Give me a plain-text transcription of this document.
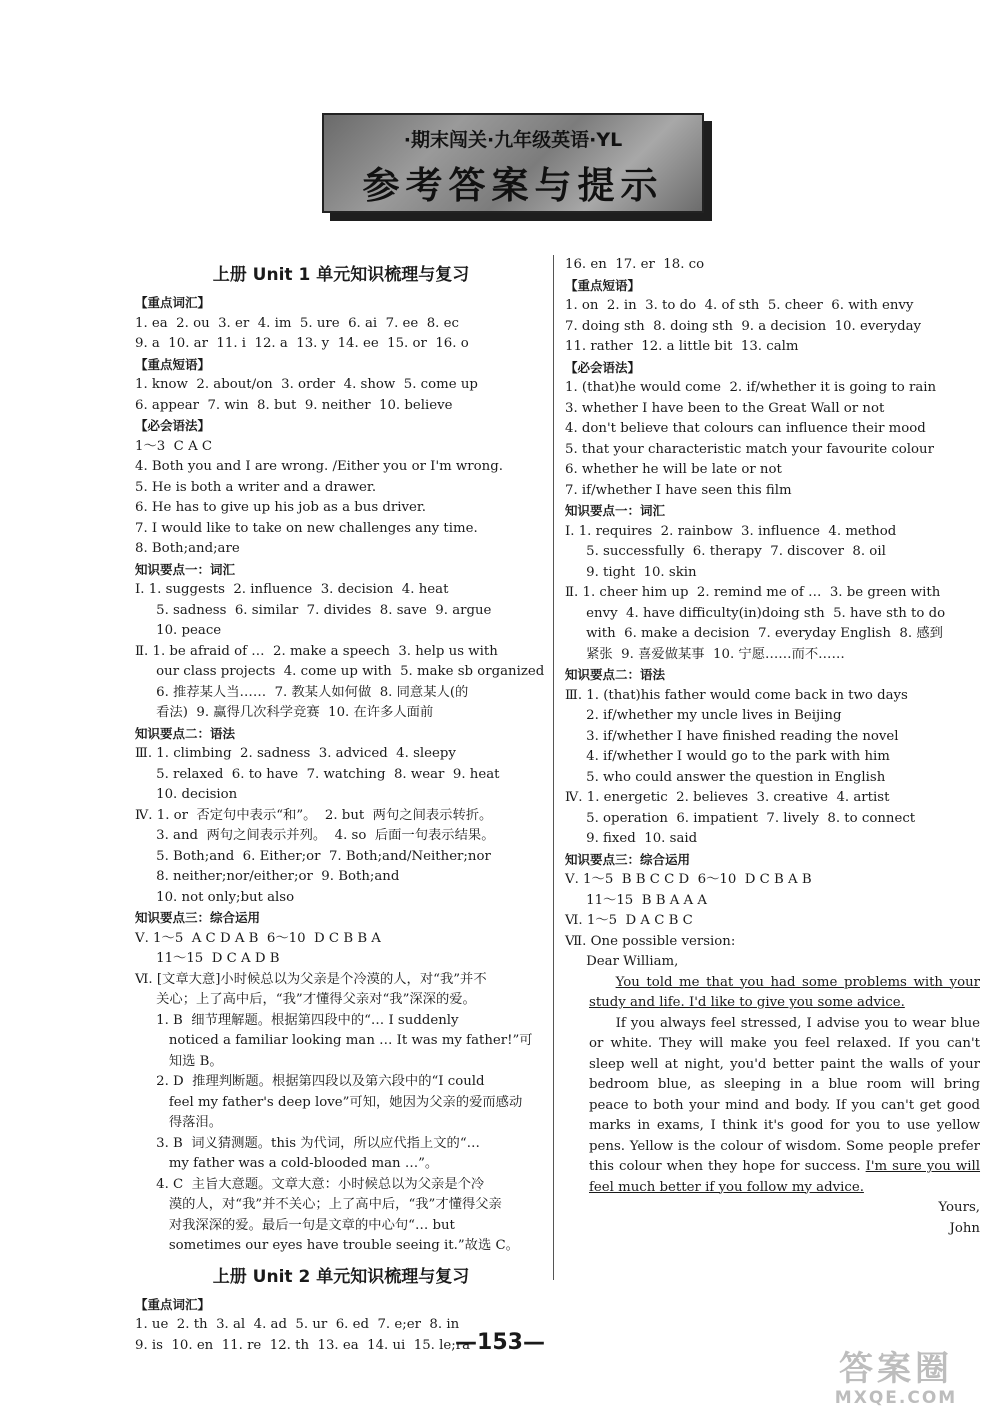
·期末闯关·九年级英语·YL
参考答案与提示
上册 Unit 1 单元知识梳理与复习
【重点词汇】
1. ea  2. ou  3. er  4. im  5. ure  6. ai  7. ee  8. ec
9. a  10. ar  11. i  12. a  13. y  14. ee  15. or  16. o
【重点短语】
1. know  2. about/on  3. order  4. show  5. come up
6. appear  7. win  8. but  9. neither  10. believe
【必会语法】
1～3  C A C
4. Both you and I are wrong. /Either you or I'm wrong.
5. He is both a writer and a drawer.
6. He has to give up his job as a bus driver.
7. I would like to take on new challenges any time.
8. Both;and;are
知识要点一：词汇
Ⅰ. 1. suggests  2. influence  3. decision  4. heat
5. sadness  6. similar  7. divides  8. save  9. argue
10. peace
Ⅱ. 1. be afraid of …  2. make a speech  3. help us with
our class projects  4. come up with  5. make sb organized
6. 推荐某人当……  7. 教某人如何做  8. 同意某人(的
看法)  9. 赢得几次科学竞赛  10. 在许多人面前
知识要点二：语法
Ⅲ. 1. climbing  2. sadness  3. adviced  4. sleepy
5. relaxed  6. to have  7. watching  8. wear  9. heat
10. decision
Ⅳ. 1. or  否定句中表示“和”。  2. but  两句之间表示转折。
3. and  两句之间表示并列。  4. so  后面一句表示结果。
5. Both;and  6. Either;or  7. Both;and/Neither;nor
8. neither;nor/either;or  9. Both;and
10. not only;but also
知识要点三：综合运用
Ⅴ. 1～5  A C D A B  6～10  D C B B A
11～15  D C A D B
Ⅵ. [文章大意]小时候总以为父亲是个冷漠的人，对“我”并不
关心；上了高中后，“我”才懂得父亲对“我”深深的爱。
1. B  细节理解题。根据第四段中的“… I suddenly
noticed a familiar looking man … It was my father!”可
知选 B。
2. D  推理判断题。根据第四段以及第六段中的“I could
feel my father's deep love”可知，她因为父亲的爱而感动
得落泪。
3. B  词义猜测题。this 为代词，所以应代指上文的“…
my father was a cold-blooded man …”。
4. C  主旨大意题。文章大意：小时候总以为父亲是个冷
漠的人，对“我”并不关心；上了高中后，“我”才懂得父亲
对我深深的爱。最后一句是文章的中心句“… but
sometimes our eyes have trouble seeing it.”故选 C。
上册 Unit 2 单元知识梳理与复习
【重点词汇】
1. ue  2. th  3. al  4. ad  5. ur  6. ed  7. e;er  8. in
9. is  10. en  11. re  12. th  13. ea  14. ui  15. le;ra
16. en  17. er  18. co
【重点短语】
1. on  2. in  3. to do  4. of sth  5. cheer  6. with envy
7. doing sth  8. doing sth  9. a decision  10. everyday
11. rather  12. a little bit  13. calm
【必会语法】
1. (that)he would come  2. if/whether it is going to rain
3. whether I have been to the Great Wall or not
4. don't believe that colours can influence their mood
5. that your characteristic match your favourite colour
6. whether he will be late or not
7. if/whether I have seen this film
知识要点一：词汇
Ⅰ. 1. requires  2. rainbow  3. influence  4. method
5. successfully  6. therapy  7. discover  8. oil
9. tight  10. skin
Ⅱ. 1. cheer him up  2. remind me of …  3. be green with
envy  4. have difficulty(in)doing sth  5. have sth to do
with  6. make a decision  7. everyday English  8. 感到
紧张  9. 喜爱做某事  10. 宁愿……而不……
知识要点二：语法
Ⅲ. 1. (that)his father would come back in two days
2. if/whether my uncle lives in Beijing
3. if/whether I have finished reading the novel
4. if/whether I would go to the park with him
5. who could answer the question in English
Ⅳ. 1. energetic  2. believes  3. creative  4. artist
5. operation  6. impatient  7. lively  8. to connect
9. fixed  10. said
知识要点三：综合运用
Ⅴ. 1～5  B B C C D  6～10  D C B A B
11～15  B B A A A
Ⅵ. 1～5  D A C B C
Ⅶ. One possible version:
Dear William,
You told me that you had some problems with your study and life. I'd like to give you some advice.
If you always feel stressed, I advise you to wear blue or white. They will make you feel relaxed. If you can't sleep well at night, you'd better paint the walls of your bedroom blue, as sleeping in a blue room will bring peace to both your mind and body. If you can't get good marks in exams, I think it's good for you to use yellow pens. Yellow is the colour of wisdom. Some people prefer this colour when they hope for success. I'm sure you will feel much better if you follow my advice.
Yours,
John
—153—
答案圈
MXQE.COM
